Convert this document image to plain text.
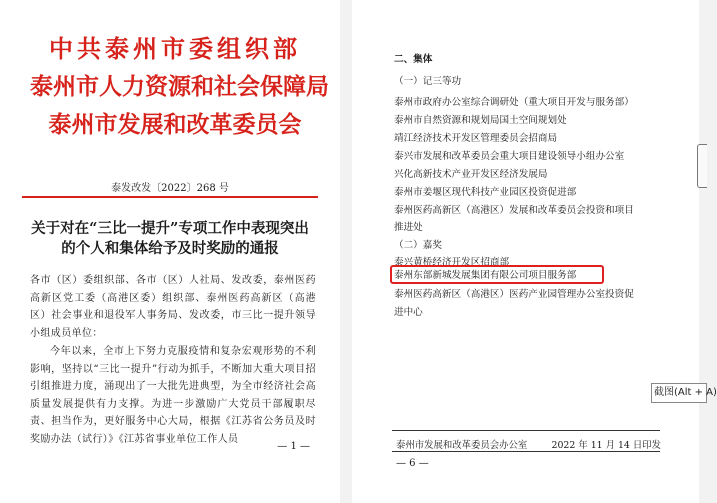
中共泰州市委组织部
泰州市人力资源和社会保障局
泰州市发展和改革委员会
泰发改发〔2022〕268 号
关于对在“三比一提升”专项工作中表现突出
的个人和集体给予及时奖励的通报
各市（区）委组织部、各市（区）人社局、发改委，泰州医药高新区党工委（高港区委）组织部、泰州医药高新区（高港区）社会事业和退役军人事务局、发改委，市三比一提升领导小组成员单位：
今年以来，全市上下努力克服疫情和复杂宏观形势的不利影响，坚持以“三比一提升”行动为抓手，不断加大重大项目招引组推进力度，涌现出了一大批先进典型，为全市经济社会高质量发展提供有力支撑。为进一步激励广大党员干部履职尽责、担当作为，更好服务中心大局，根据《江苏省公务员及时奖励办法（试行）》《江苏省事业单位工作人员
— 1 —
二、集体
（一）记三等功
泰州市政府办公室综合调研处（重大项目开发与服务部）
泰州市自然资源和规划局国土空间规划处
靖江经济技术开发区管理委员会招商局
泰兴市发展和改革委员会重大项目建设领导小组办公室
兴化高新技术产业开发区经济发展局
泰州市姜堰区现代科技产业园区投资促进部
泰州医药高新区（高港区）发展和改革委员会投资和项目
推进处
（二）嘉奖
泰兴黄桥经济开发区招商部
泰州东部新城发展集团有限公司项目服务部
泰州医药高新区（高港区）医药产业园管理办公室投资促
进中心
泰州市发展和改革委员会办公室	2022 年 11 月 14 日印发
— 6 —
截图(Alt + A)
